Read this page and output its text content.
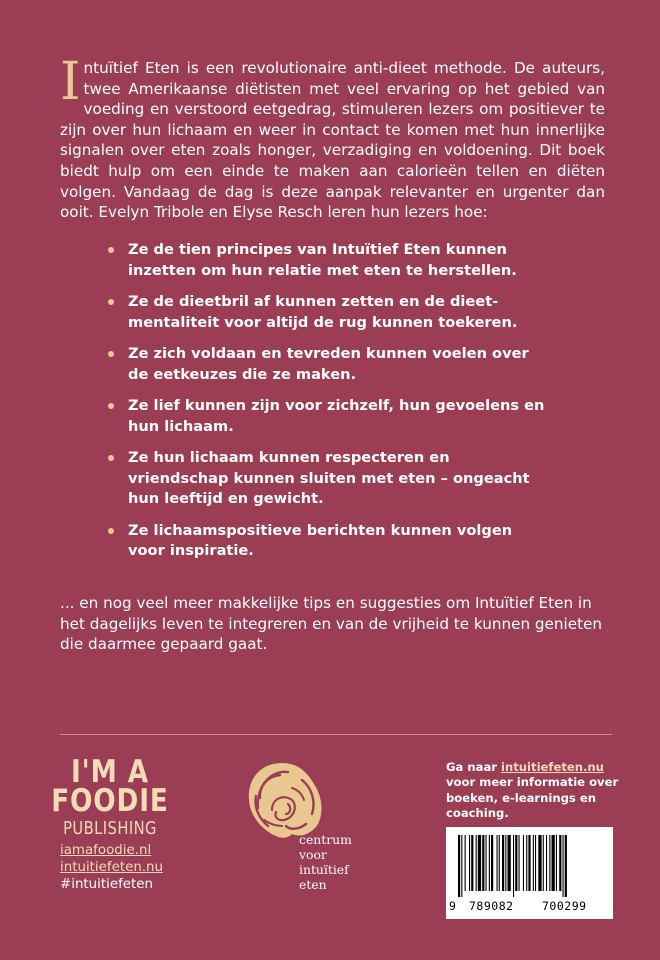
Intuïtief Eten is een revolutionaire anti-dieet methode. De auteurs, twee Amerikaanse diëtisten met veel ervaring op het gebied van voeding en verstoord eetgedrag, stimuleren lezers om positiever te zijn over hun lichaam en weer in contact te komen met hun innerlijke signalen over eten zoals honger, verzadiging en voldoening. Dit boek biedt hulp om een einde te maken aan calorieën tellen en diëten volgen. Vandaag de dag is deze aanpak relevanter en urgenter dan ooit. Evelyn Tribole en Elyse Resch leren hun lezers hoe:

Ze de tien principes van Intuïtief Eten kunnen inzetten om hun relatie met eten te herstellen.
Ze de dieetbril af kunnen zetten en de dieet-mentaliteit voor altijd de rug kunnen toekeren.
Ze zich voldaan en tevreden kunnen voelen over de eetkeuzes die ze maken.
Ze lief kunnen zijn voor zichzelf, hun gevoelens en hun lichaam.
Ze hun lichaam kunnen respecteren en vriendschap kunnen sluiten met eten – ongeacht hun leeftijd en gewicht.
Ze lichaamspositieve berichten kunnen volgen voor inspiratie.

... en nog veel meer makkelijke tips en suggesties om Intuïtief Eten in het dagelijks leven te integreren en van de vrijheid te kunnen genieten die daarmee gepaard gaat.

I'M A
FOODIE
PUBLISHING
iamafoodie.nl
intuitiefeten.nu
#intuitiefeten
centrum
voor
intuïtief
eten
Ga naar intuitiefeten.nu voor meer informatie over boeken, e-learnings en coaching.
9 789082 700299
